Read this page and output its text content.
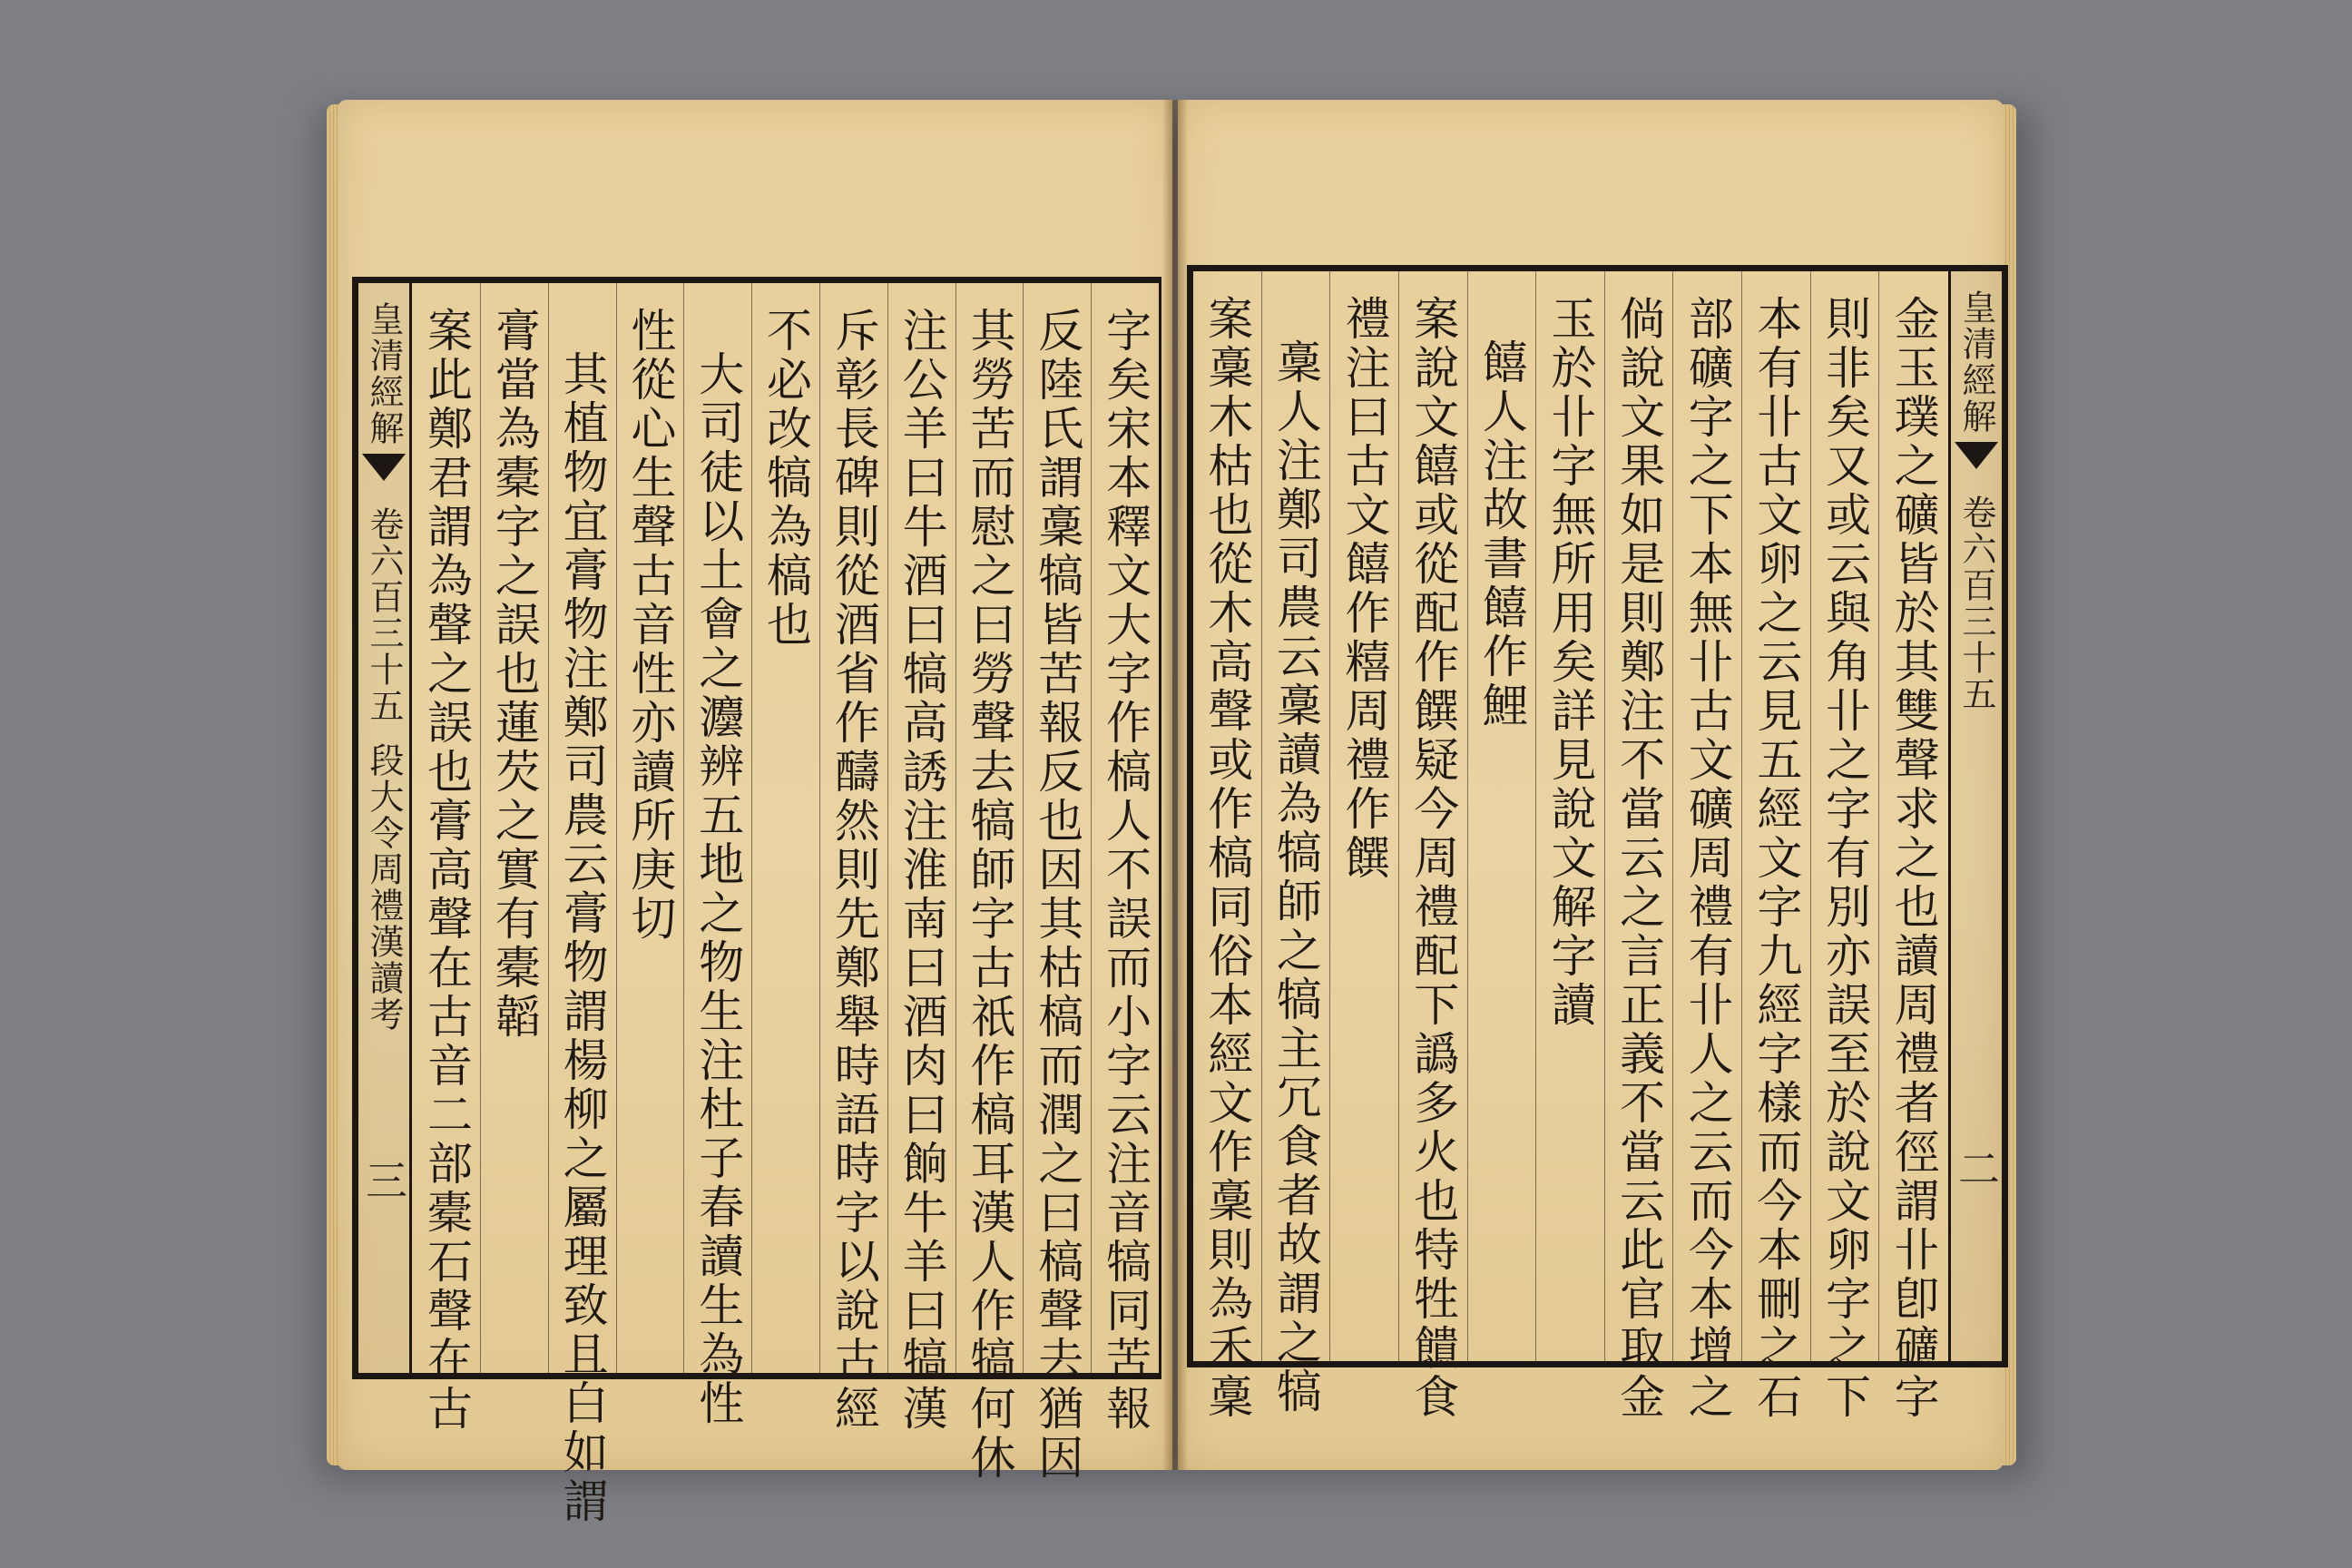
皇清經解
卷六百三十五
段大令周禮漢讀考
三	字矣宋本釋文大字作槁人不誤而小字云注音犒同苦報
反陸氏謂稾犒皆苦報反也因其枯槁而潤之曰槁聲去猶因
其勞苦而慰之曰勞聲去犒師字古祇作槁耳漢人作犒何休
注公羊曰牛酒曰犒高誘注淮南曰酒肉曰餉牛羊曰犒漢
斥彰長碑則從酒省作醻然則先鄭舉時語時字以說古經
不必改犒為槁也
大司徒以土會之灋辨五地之物生注杜子春讀生為性
性從心生聲古音性亦讀所庚切
其植物宜膏物注鄭司農云膏物謂楊柳之屬理致且白如謂
膏當為橐字之誤也蓮芡之實有橐韜
案此鄭君謂為聲之誤也膏高聲在古音二部橐石聲在古	皇清經解
卷六百三十五
二
金玉璞之礦皆於其雙聲求之也讀周禮者徑謂卝卽礦字
則非矣又或云與角卝之字有別亦誤至於說文卵字之下
本有卝古文卵之云見五經文字九經字樣而今本刪之石
部礦字之下本無卝古文礦周禮有卝人之云而今本增之
倘說文果如是則鄭注不當云之言正義不當云此官取金
玉於卝字無所用矣詳見說文解字讀
饎人注故書饎作鯉
案說文饎或從配作饌疑今周禮配下譌多火也特牲饋食
禮注曰古文饎作糦周禮作饌
稾人注鄭司農云稾讀為犒師之犒主冗食者故謂之犒
案稾木枯也從木高聲或作槁同俗本經文作稾則為禾稾
